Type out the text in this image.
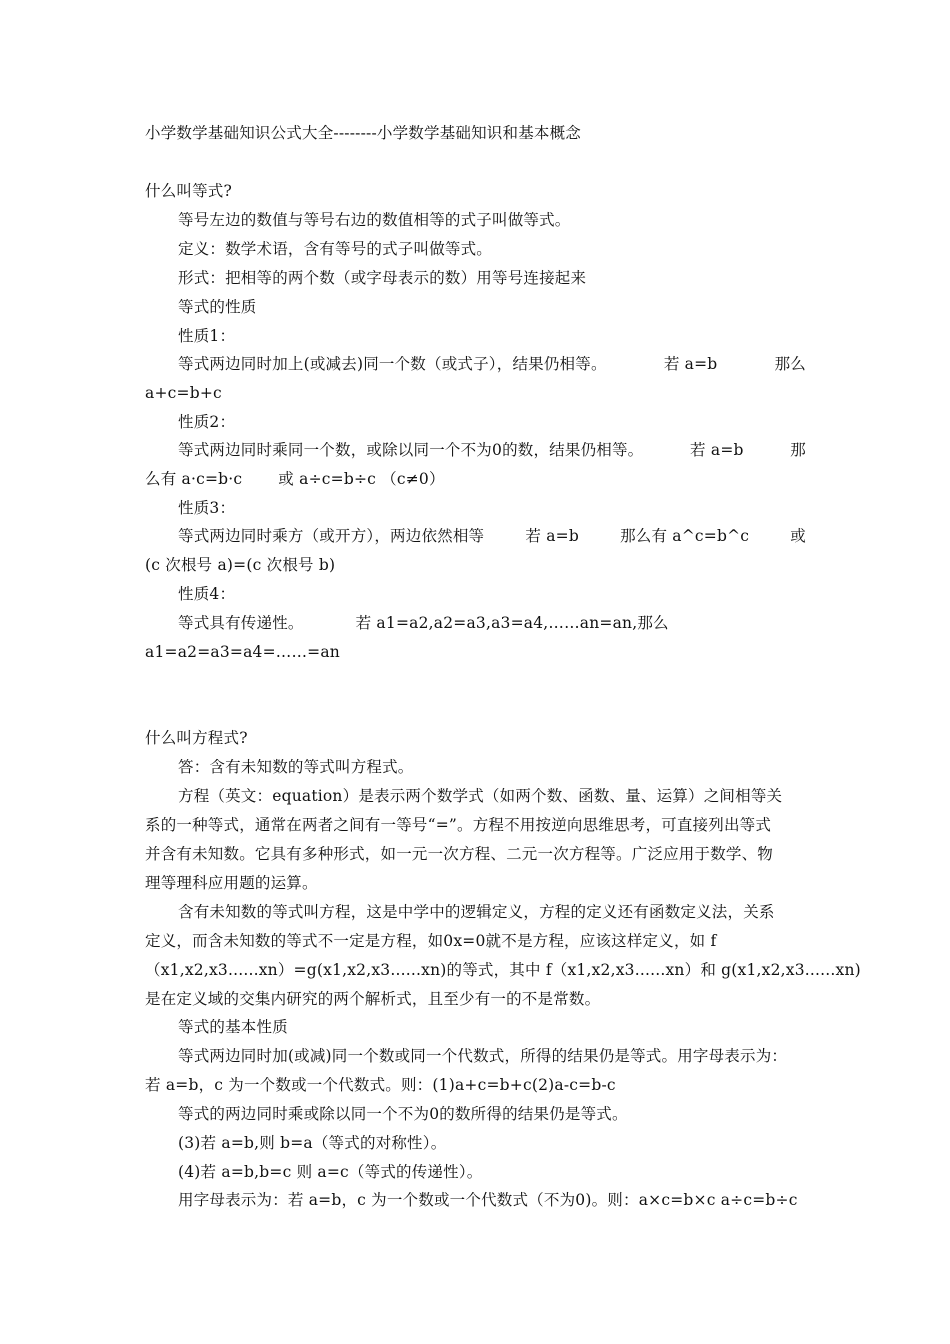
小学数学基础知识公式大全--------小学数学基础知识和基本概念
什么叫等式?
等号左边的数值与等号右边的数值相等的式子叫做等式。
定义：数学术语，含有等号的式子叫做等式。
形式：把相等的两个数（或字母表示的数）用等号连接起来
等式的性质
性质1：
等式两边同时加上(或减去)同一个数（或式子），结果仍相等。	若 a=b	那么
a+c=b+c
性质2：
等式两边同时乘同一个数，或除以同一个不为0的数，结果仍相等。	若 a=b	那
么有 a·c=b·c 或 a÷c=b÷c （c≠0）
性质3：
等式两边同时乘方（或开方），两边依然相等	若 a=b	那么有 a^c=b^c	或
(c 次根号 a)=(c 次根号 b)
性质4：
等式具有传递性。	若 a1=a2,a2=a3,a3=a4,……an=an,那么
a1=a2=a3=a4=……=an
什么叫方程式?
答：含有未知数的等式叫方程式。
方程（英文：equation）是表示两个数学式（如两个数、函数、量、运算）之间相等关
系的一种等式，通常在两者之间有一等号“=”。方程不用按逆向思维思考，可直接列出等式
并含有未知数。它具有多种形式，如一元一次方程、二元一次方程等。广泛应用于数学、物
理等理科应用题的运算。
含有未知数的等式叫方程，这是中学中的逻辑定义，方程的定义还有函数定义法，关系
定义，而含未知数的等式不一定是方程，如0x=0就不是方程，应该这样定义，如 f
（x1,x2,x3......xn）=g(x1,x2,x3......xn)的等式，其中 f（x1,x2,x3......xn）和 g(x1,x2,x3......xn)
是在定义域的交集内研究的两个解析式，且至少有一的不是常数。
等式的基本性质
等式两边同时加(或减)同一个数或同一个代数式，所得的结果仍是等式。用字母表示为：
若 a=b，c 为一个数或一个代数式。则：(1)a+c=b+c(2)a-c=b-c
等式的两边同时乘或除以同一个不为0的数所得的结果仍是等式。
(3)若 a=b,则 b=a（等式的对称性）。
(4)若 a=b,b=c 则 a=c（等式的传递性）。
用字母表示为：若 a=b，c 为一个数或一个代数式（不为0)。则：a×c=b×c a÷c=b÷c
